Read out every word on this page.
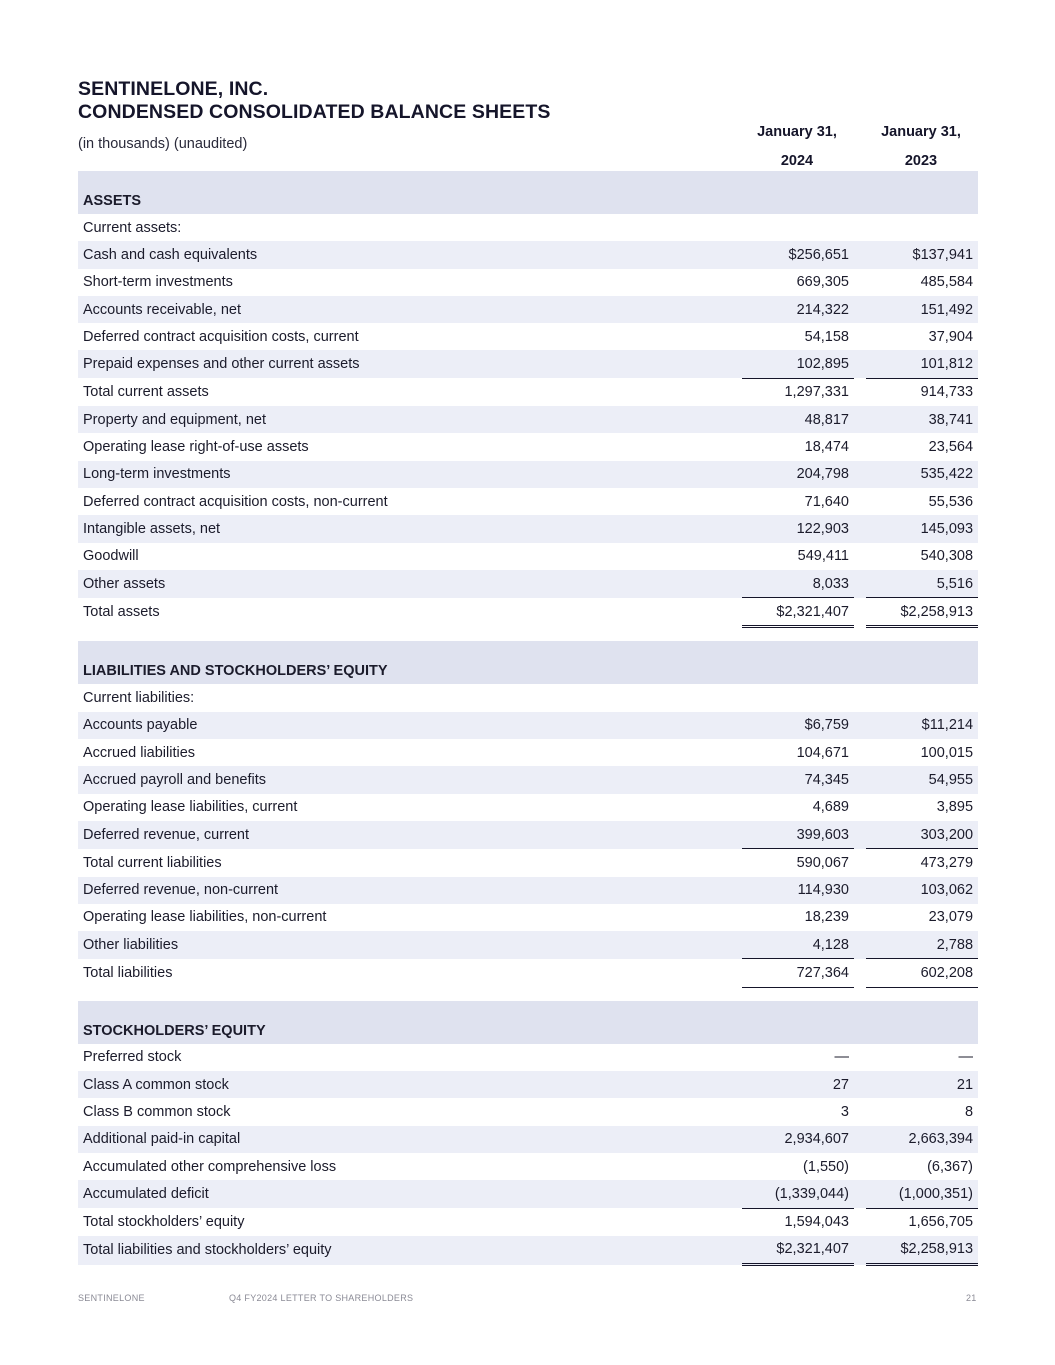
SENTINELONE, INC.
CONDENSED CONSOLIDATED BALANCE SHEETS
(in thousands) (unaudited)
January 31,
2024
January 31,
2023
ASSETS			
Current assets:			
Cash and cash equivalents	$256,651		$137,941
Short-term investments	669,305		485,584
Accounts receivable, net	214,322		151,492
Deferred contract acquisition costs, current	54,158		37,904
Prepaid expenses and other current assets	102,895		101,812
Total current assets	1,297,331		914,733
Property and equipment, net	48,817		38,741
Operating lease right-of-use assets	18,474		23,564
Long-term investments	204,798		535,422
Deferred contract acquisition costs, non-current	71,640		55,536
Intangible assets, net	122,903		145,093
Goodwill	549,411		540,308
Other assets	8,033		5,516
Total assets	$2,321,407		$2,258,913

LIABILITIES AND STOCKHOLDERS’ EQUITY			
Current liabilities:			
Accounts payable	$6,759		$11,214
Accrued liabilities	104,671		100,015
Accrued payroll and benefits	74,345		54,955
Operating lease liabilities, current	4,689		3,895
Deferred revenue, current	399,603		303,200
Total current liabilities	590,067		473,279
Deferred revenue, non-current	114,930		103,062
Operating lease liabilities, non-current	18,239		23,079
Other liabilities	4,128		2,788
Total liabilities	727,364		602,208

STOCKHOLDERS’ EQUITY			
Preferred stock	—		—
Class A common stock	27		21
Class B common stock	3		8
Additional paid-in capital	2,934,607		2,663,394
Accumulated other comprehensive loss	(1,550)		(6,367)
Accumulated deficit	(1,339,044)		(1,000,351)
Total stockholders’ equity	1,594,043		1,656,705
Total liabilities and stockholders’ equity	$2,321,407		$2,258,913
SENTINELONE	Q4 FY2024 LETTER TO SHAREHOLDERS	21
